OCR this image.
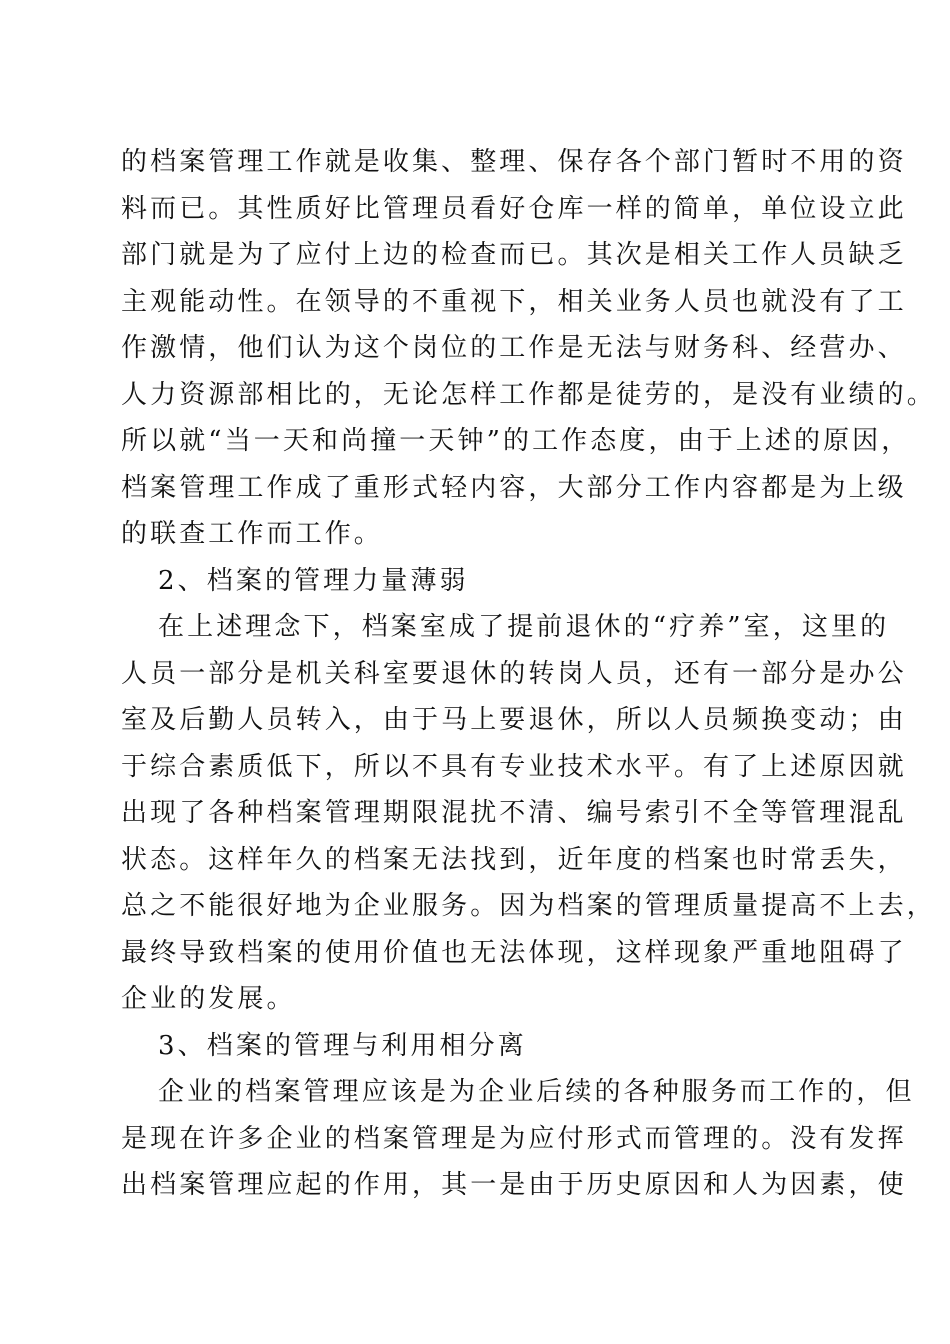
的档案管理工作就是收集、整理、保存各个部门暂时不用的资
料而已。其性质好比管理员看好仓库一样的简单，单位设立此
部门就是为了应付上边的检查而已。其次是相关工作人员缺乏
主观能动性。在领导的不重视下，相关业务人员也就没有了工
作激情，他们认为这个岗位的工作是无法与财务科、经营办、
人力资源部相比的，无论怎样工作都是徒劳的，是没有业绩的。
所以就“当一天和尚撞一天钟”的工作态度，由于上述的原因，
档案管理工作成了重形式轻内容，大部分工作内容都是为上级
的联查工作而工作。
2、档案的管理力量薄弱
在上述理念下，档案室成了提前退休的“疗养”室，这里的
人员一部分是机关科室要退休的转岗人员，还有一部分是办公
室及后勤人员转入，由于马上要退休，所以人员频换变动；由
于综合素质低下，所以不具有专业技术水平。有了上述原因就
出现了各种档案管理期限混扰不清、编号索引不全等管理混乱
状态。这样年久的档案无法找到，近年度的档案也时常丢失，
总之不能很好地为企业服务。因为档案的管理质量提高不上去，
最终导致档案的使用价值也无法体现，这样现象严重地阻碍了
企业的发展。
3、档案的管理与利用相分离
企业的档案管理应该是为企业后续的各种服务而工作的，但
是现在许多企业的档案管理是为应付形式而管理的。没有发挥
出档案管理应起的作用，其一是由于历史原因和人为因素，使
